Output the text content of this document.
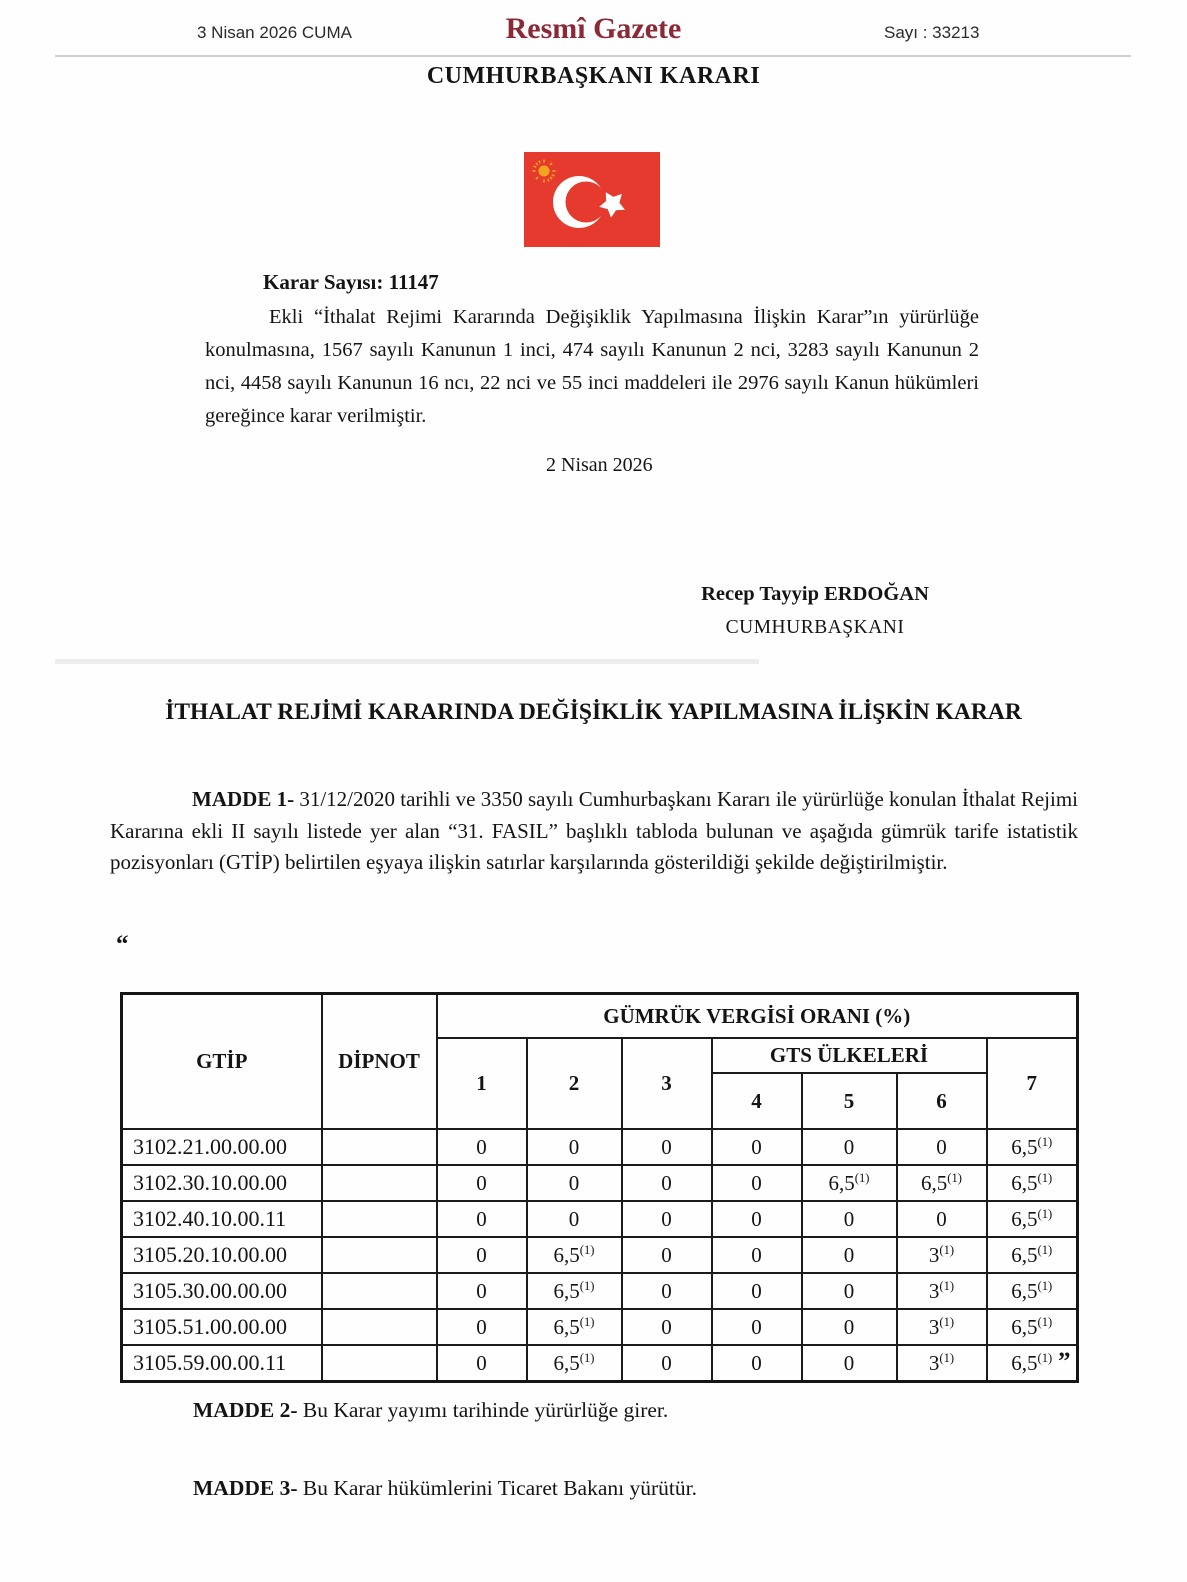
3 Nisan 2026 CUMA	Resmî Gazete	Sayı : 33213
CUMHURBAŞKANI KARARI
Karar Sayısı: 11147

Ekli “İthalat Rejimi Kararında Değişiklik Yapılmasına İlişkin Karar”ın yürürlüğe konulmasına, 1567 sayılı Kanunun 1 inci, 474 sayılı Kanunun 2 nci, 3283 sayılı Kanunun 2 nci, 4458 sayılı Kanunun 16 ncı, 22 nci ve 55 inci maddeleri ile 2976 sayılı Kanun hükümleri gereğince karar verilmiştir.

2 Nisan 2026
Recep Tayyip ERDOĞAN
CUMHURBAŞKANI
İTHALAT REJİMİ KARARINDA DEĞİŞİKLİK YAPILMASINA İLİŞKİN KARAR

MADDE 1- 31/12/2020 tarihli ve 3350 sayılı Cumhurbaşkanı Kararı ile yürürlüğe konulan İthalat Rejimi Kararına ekli II sayılı listede yer alan “31. FASIL” başlıklı tabloda bulunan ve aşağıda gümrük tarife istatistik pozisyonları (GTİP) belirtilen eşyaya ilişkin satırlar karşılarında gösterildiği şekilde değiştirilmiştir.

“
GTİP	DİPNOT	GÜMRÜK VERGİSİ ORANI (%)						
		1	2	3	GTS ÜLKELERİ			7
					4	5	6	
3102.21.00.00.00		0	0	0	0	0	0	6,5$^{(1)}$
3102.30.10.00.00		0	0	0	0	6,5$^{(1)}$	6,5$^{(1)}$	6,5$^{(1)}$
3102.40.10.00.11		0	0	0	0	0	0	6,5$^{(1)}$
3105.20.10.00.00		0	6,5$^{(1)}$	0	0	0	3$^{(1)}$	6,5$^{(1)}$
3105.30.00.00.00		0	6,5$^{(1)}$	0	0	0	3$^{(1)}$	6,5$^{(1)}$
3105.51.00.00.00		0	6,5$^{(1)}$	0	0	0	3$^{(1)}$	6,5$^{(1)}$
3105.59.00.00.11		0	6,5$^{(1)}$	0	0	0	3$^{(1)}$	6,5$^{(1)}$ ”

MADDE 2- Bu Karar yayımı tarihinde yürürlüğe girer.

MADDE 3- Bu Karar hükümlerini Ticaret Bakanı yürütür.
